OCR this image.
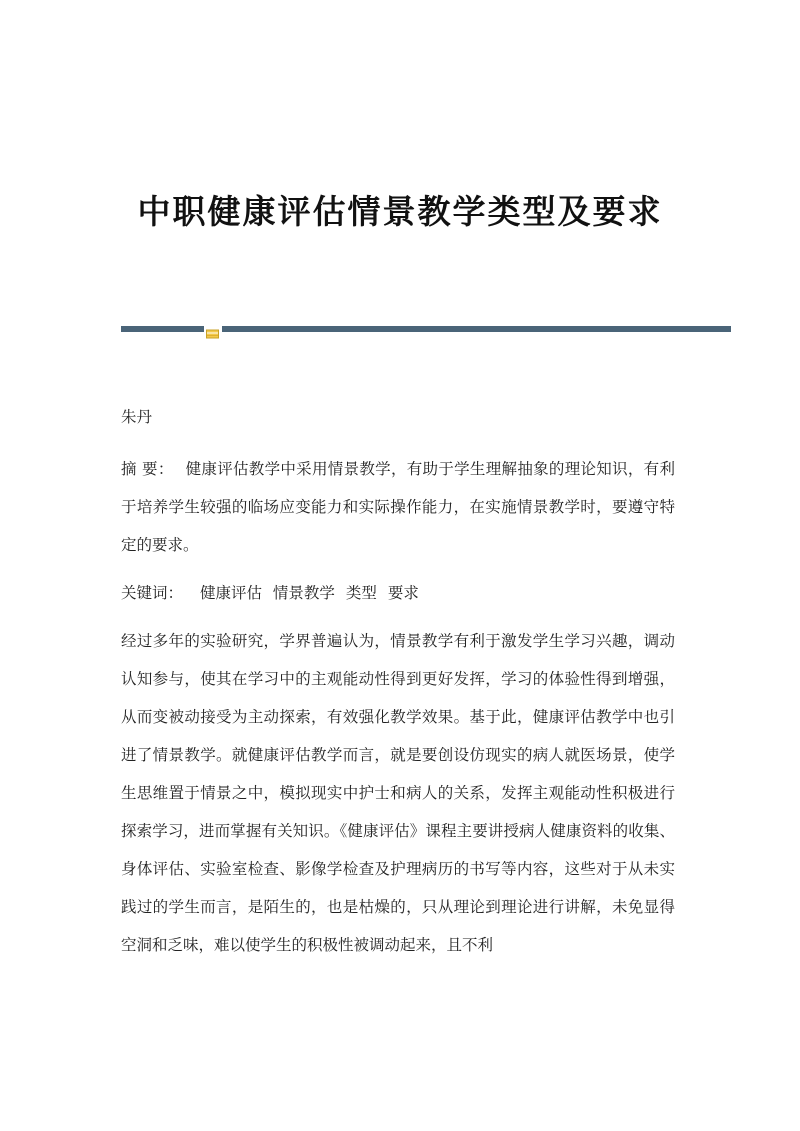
中职健康评估情景教学类型及要求

朱丹

摘 要： 健康评估教学中采用情景教学，有助于学生理解抽象的理论知识，有利于培养学生较强的临场应变能力和实际操作能力，在实施情景教学时，要遵守特定的要求。

关键词： 健康评估 情景教学 类型 要求

经过多年的实验研究，学界普遍认为，情景教学有利于激发学生学习兴趣，调动认知参与，使其在学习中的主观能动性得到更好发挥，学习的体验性得到增强，从而变被动接受为主动探索，有效强化教学效果。基于此，健康评估教学中也引进了情景教学。就健康评估教学而言，就是要创设仿现实的病人就医场景，使学生思维置于情景之中，模拟现实中护士和病人的关系，发挥主观能动性积极进行探索学习，进而掌握有关知识。《健康评估》课程主要讲授病人健康资料的收集、身体评估、实验室检查、影像学检查及护理病历的书写等内容，这些对于从未实践过的学生而言，是陌生的，也是枯燥的，只从理论到理论进行讲解，未免显得空洞和乏味，难以使学生的积极性被调动起来，且不利
